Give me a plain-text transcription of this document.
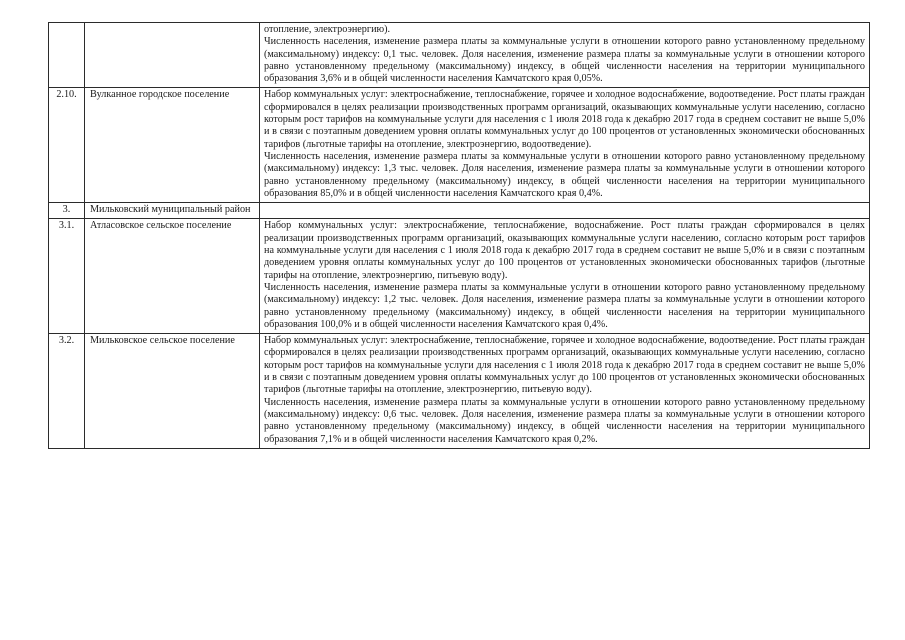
		отопление, электроэнергию).

Численность населения, изменение размера платы за коммунальные услуги в отношении которого равно установленному предельному (максимальному) индексу: 0,1 тыс. человек. Доля населения, изменение размера платы за коммунальные услуги в отношении которого равно установленному предельному (максимальному) индексу, в общей численности населения на территории муниципального образования 3,6% и в общей численности населения Камчатского края 0,05%.

2.10.	Вулканное городское поселение	Набор коммунальных услуг: электроснабжение, теплоснабжение, горячее и холодное водоснабжение, водоотведение. Рост платы граждан сформировался в целях реализации производственных программ организаций, оказывающих коммунальные услуги населению, согласно которым рост тарифов на коммунальные услуги для населения с 1 июля 2018 года к декабрю 2017 года в среднем составит не выше 5,0% и в связи с поэтапным доведением уровня оплаты коммунальных услуг до 100 процентов от установленных экономически обоснованных тарифов (льготные тарифы на отопление, электроэнергию, водоотведение).

Численность населения, изменение размера платы за коммунальные услуги в отношении которого равно установленному предельному (максимальному) индексу: 1,3 тыс. человек. Доля населения, изменение размера платы за коммунальные услуги в отношении которого равно установленному предельному (максимальному) индексу, в общей численности населения на территории муниципального образования 85,0% и в общей численности населения Камчатского края 0,4%.

3.	Мильковский муниципальный район	
3.1.	Атласовское сельское поселение	Набор коммунальных услуг: электроснабжение, теплоснабжение, водоснабжение. Рост платы граждан сформировался в целях реализации производственных программ организаций, оказывающих коммунальные услуги населению, согласно которым рост тарифов на коммунальные услуги для населения с 1 июля 2018 года к декабрю 2017 года в среднем составит не выше 5,0% и в связи с поэтапным доведением уровня оплаты коммунальных услуг до 100 процентов от установленных экономически обоснованных тарифов (льготные тарифы на отопление, электроэнергию, питьевую воду).

Численность населения, изменение размера платы за коммунальные услуги в отношении которого равно установленному предельному (максимальному) индексу: 1,2 тыс. человек. Доля населения, изменение размера платы за коммунальные услуги в отношении которого равно установленному предельному (максимальному) индексу, в общей численности населения на территории муниципального образования 100,0% и в общей численности населения Камчатского края 0,4%.

3.2.	Мильковское сельское поселение	Набор коммунальных услуг: электроснабжение, теплоснабжение, горячее и холодное водоснабжение, водоотведение. Рост платы граждан сформировался в целях реализации производственных программ организаций, оказывающих коммунальные услуги населению, согласно которым рост тарифов на коммунальные услуги для населения с 1 июля 2018 года к декабрю 2017 года в среднем составит не выше 5,0% и в связи с поэтапным доведением уровня оплаты коммунальных услуг до 100 процентов от установленных экономически обоснованных тарифов (льготные тарифы на отопление, электроэнергию, питьевую воду).

Численность населения, изменение размера платы за коммунальные услуги в отношении которого равно установленному предельному (максимальному) индексу: 0,6 тыс. человек. Доля населения, изменение размера платы за коммунальные услуги в отношении которого равно установленному предельному (максимальному) индексу, в общей численности населения на территории муниципального образования 7,1% и в общей численности населения Камчатского края 0,2%.
